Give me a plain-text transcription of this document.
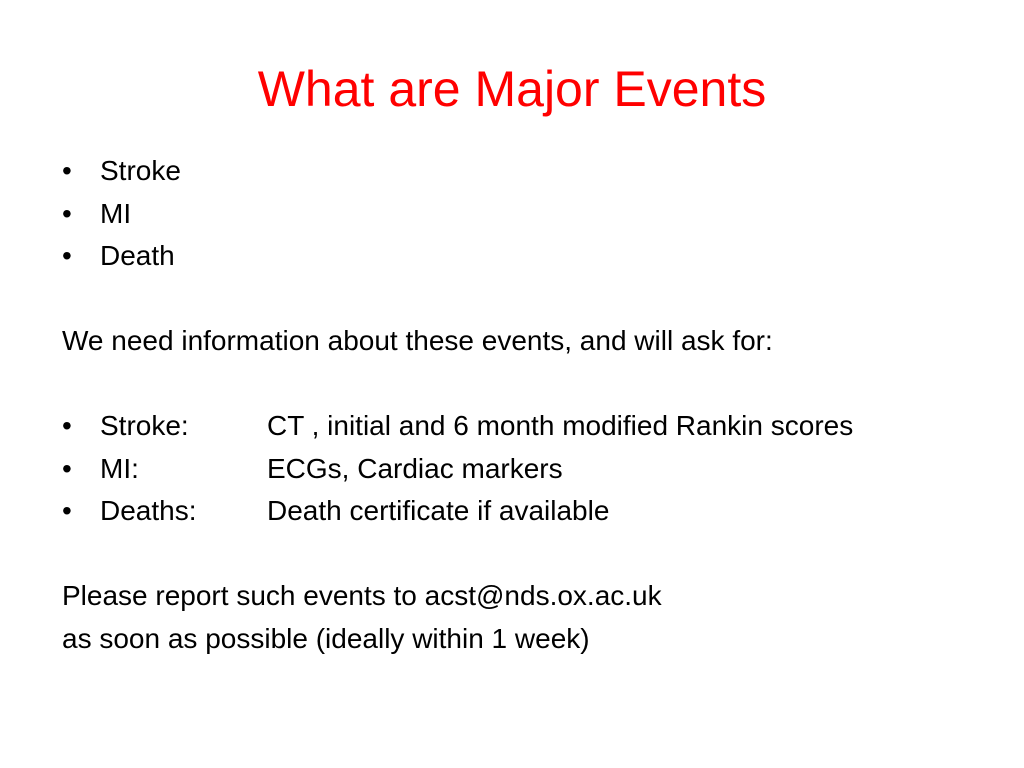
What are Major Events
• Stroke
• MI
• Death

We need information about these events, and will ask for:

• Stroke:	CT , initial and 6 month modified Rankin scores
• MI:	ECGs, Cardiac markers
• Deaths:	Death certificate if available

Please report such events to acst@nds.ox.ac.uk

as soon as possible (ideally within 1 week)
